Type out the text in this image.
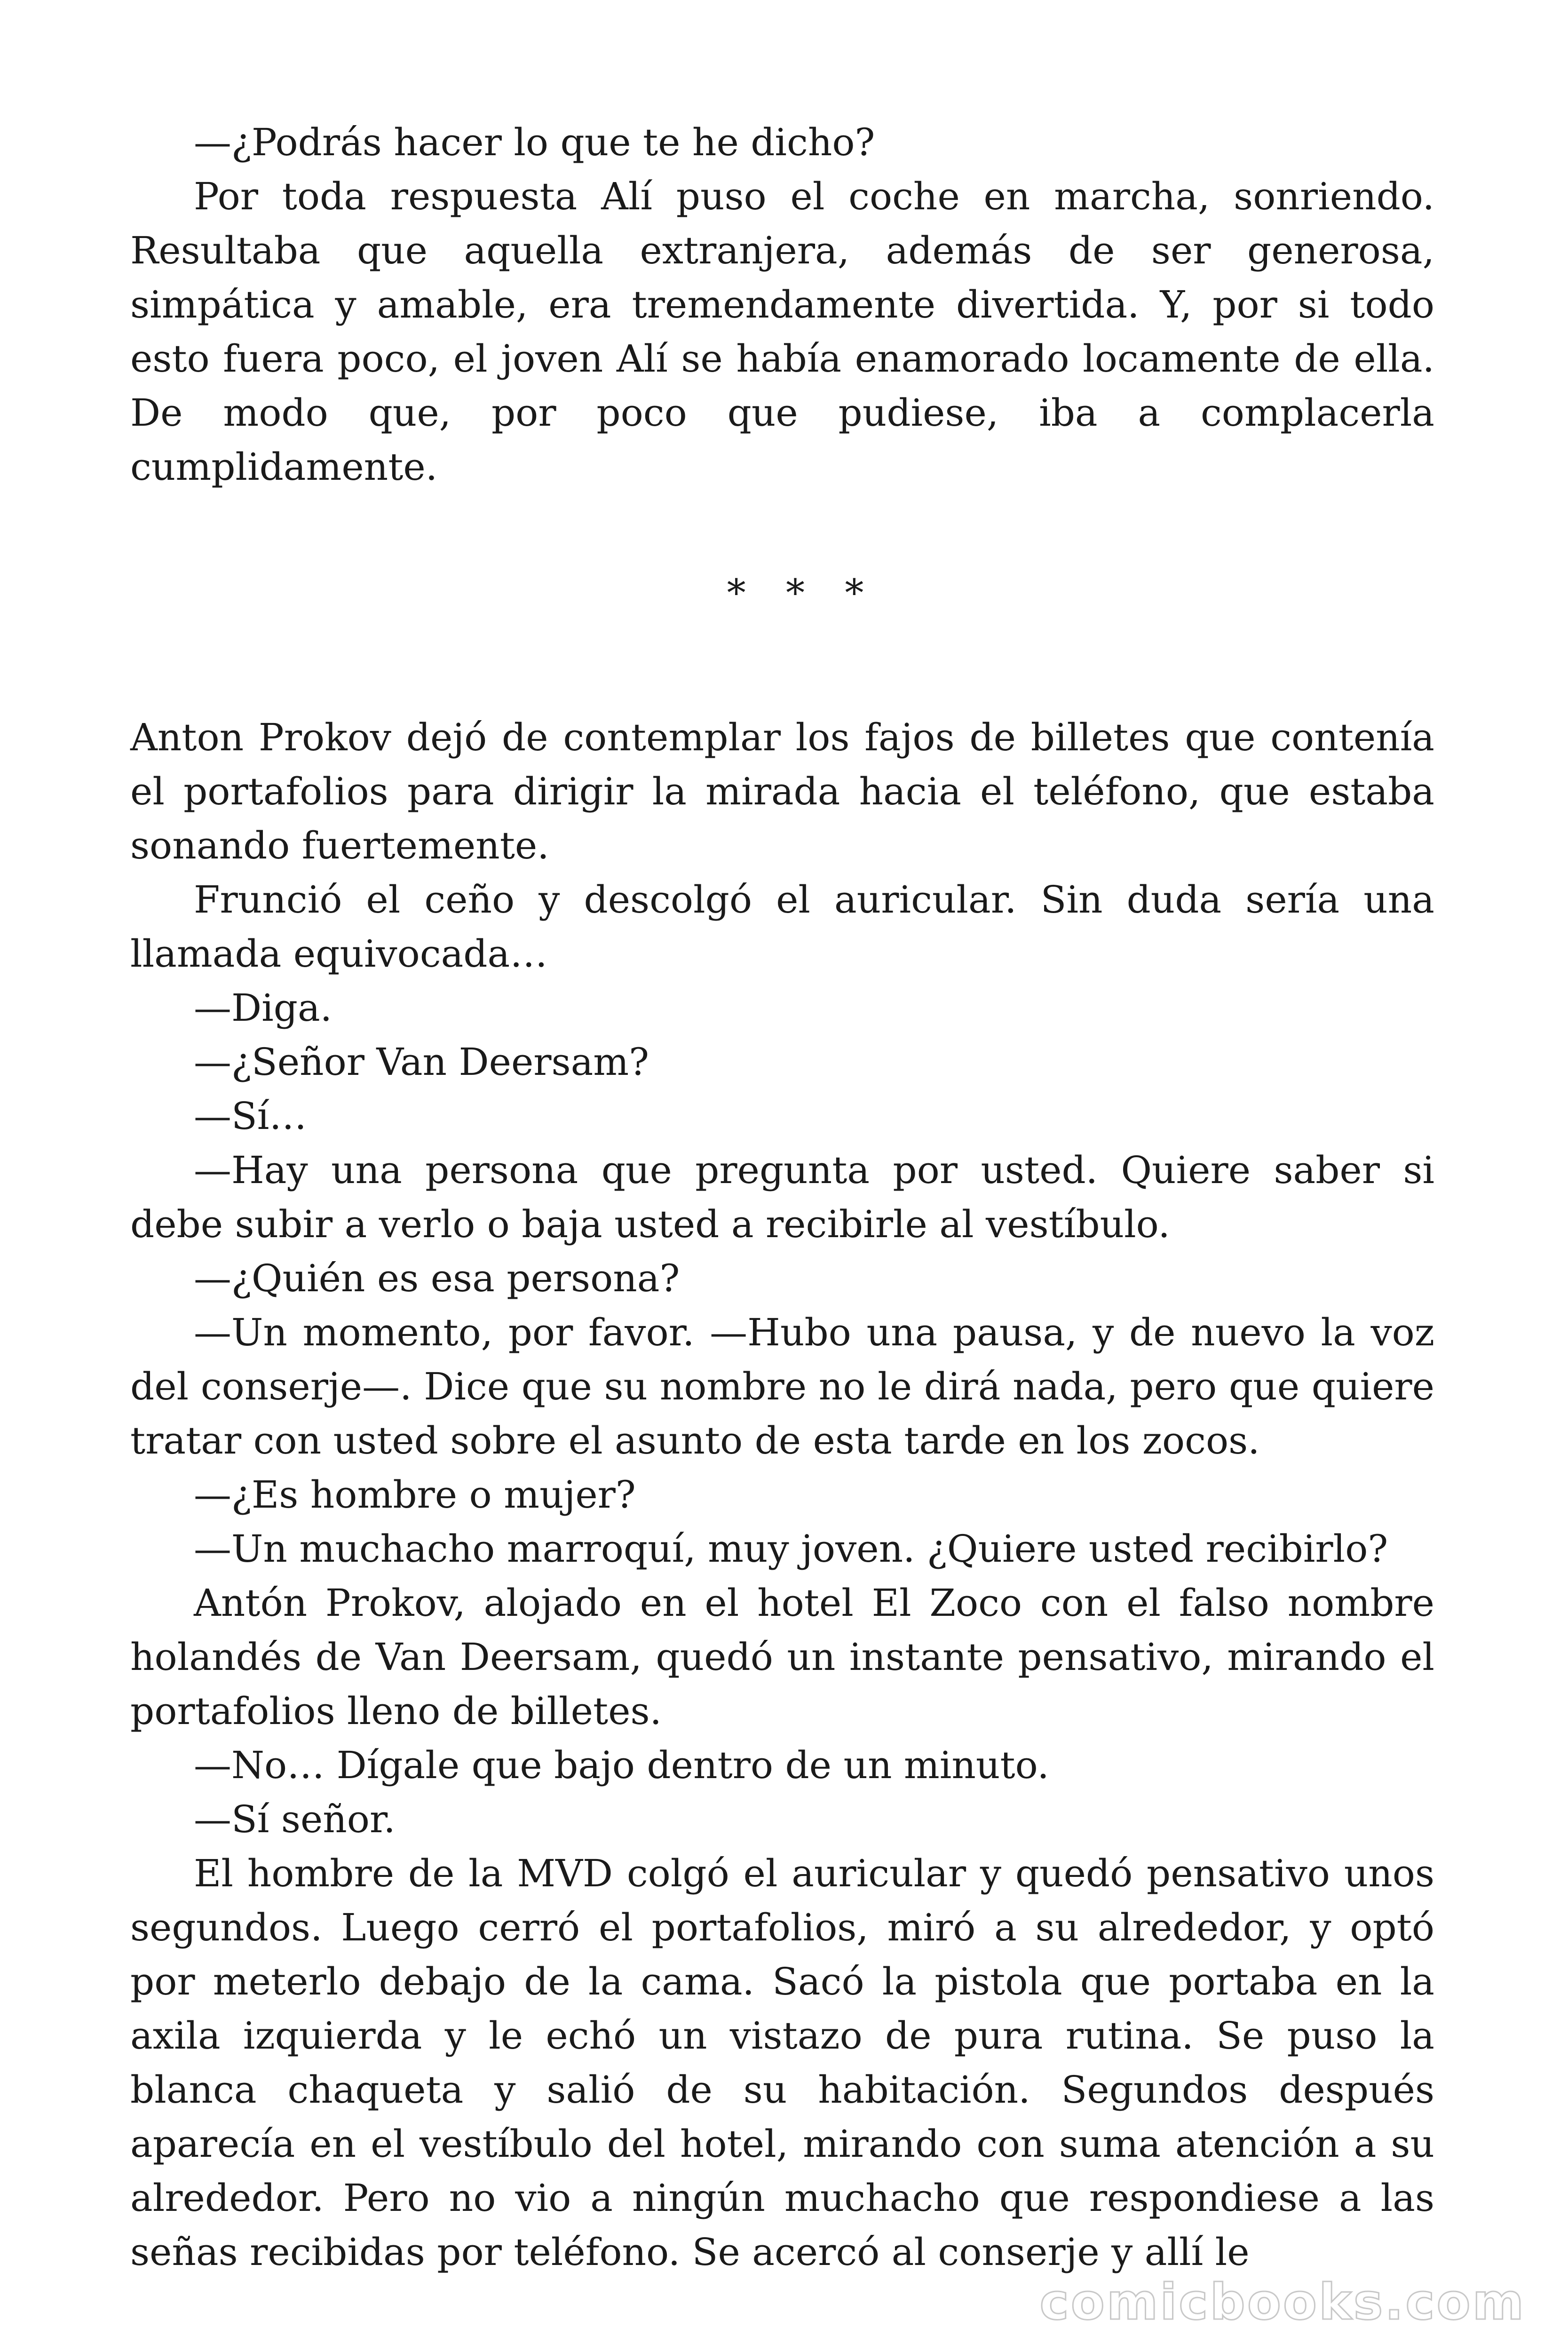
—¿Podrás hacer lo que te he dicho?

Por toda respuesta Alí puso el coche en marcha, sonriendo. Resultaba que aquella extranjera, además de ser generosa, simpática y amable, era tremendamente divertida. Y, por si todo esto fuera poco, el joven Alí se había enamorado locamente de ella. De modo que, por poco que pudiese, iba a complacerla cumplidamente.

* * *

Anton Prokov dejó de contemplar los fajos de billetes que contenía el portafolios para dirigir la mirada hacia el teléfono, que estaba sonando fuertemente.

Frunció el ceño y descolgó el auricular. Sin duda sería una llamada equivocada…

—Diga.

—¿Señor Van Deersam?

—Sí…

—Hay una persona que pregunta por usted. Quiere saber si debe subir a verlo o baja usted a recibirle al vestíbulo.

—¿Quién es esa persona?

—Un momento, por favor. —Hubo una pausa, y de nuevo la voz del conserje—. Dice que su nombre no le dirá nada, pero que quiere tratar con usted sobre el asunto de esta tarde en los zocos.

—¿Es hombre o mujer?

—Un muchacho marroquí, muy joven. ¿Quiere usted recibirlo?

Antón Prokov, alojado en el hotel El Zoco con el falso nombre holandés de Van Deersam, quedó un instante pensativo, mirando el portafolios lleno de billetes.

—No… Dígale que bajo dentro de un minuto.

—Sí señor.

El hombre de la MVD colgó el auricular y quedó pensativo unos segundos. Luego cerró el portafolios, miró a su alrededor, y optó por meterlo debajo de la cama. Sacó la pistola que portaba en la axila izquierda y le echó un vistazo de pura rutina. Se puso la blanca chaqueta y salió de su habitación. Segundos después aparecía en el vestíbulo del hotel, mirando con suma atención a su alrededor. Pero no vio a ningún muchacho que respondiese a las señas recibidas por teléfono. Se acercó al conserje y allí le

comicbooks.com
